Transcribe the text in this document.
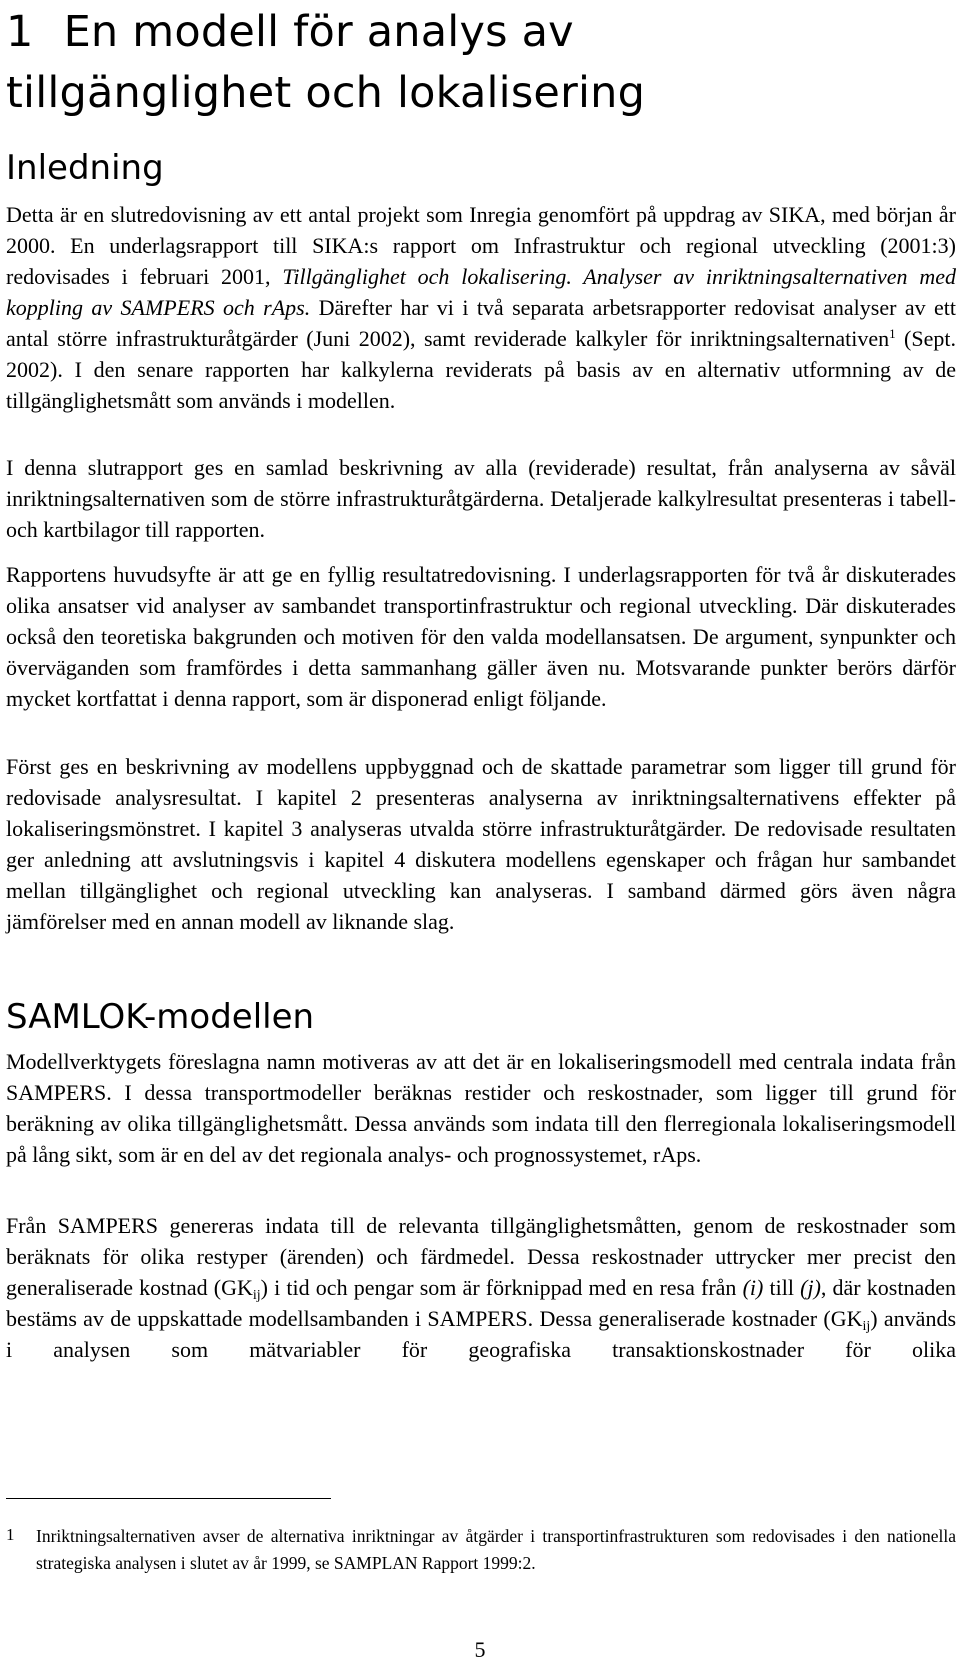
1 En modell för analys av
tillgänglighet och lokalisering
Inledning

Detta är en slutredovisning av ett antal projekt som Inregia genomfört på uppdrag av SIKA, med början år 2000. En underlagsrapport till SIKA:s rapport om Infrastruktur och regional utveckling (2001:3) redovisades i februari 2001, Tillgänglighet och lokalisering. Analyser av inriktningsalternativen med koppling av SAMPERS och rAps. Därefter har vi i två separata arbetsrapporter redovisat analyser av ett antal större infrastrukturåtgärder (Juni 2002), samt reviderade kalkyler för inriktningsalternativen$^1$ (Sept. 2002). I den senare rapporten har kalkylerna reviderats på basis av en alternativ utformning av de tillgänglighetsmått som används i modellen.

I denna slutrapport ges en samlad beskrivning av alla (reviderade) resultat, från analyserna av såväl inriktningsalternativen som de större infrastrukturåtgärderna. Detaljerade kalkylresultat presenteras i tabell- och kartbilagor till rapporten.

Rapportens huvudsyfte är att ge en fyllig resultatredovisning. I underlagsrapporten för två år diskuterades olika ansatser vid analyser av sambandet transportinfrastruktur och regional utveckling. Där diskuterades också den teoretiska bakgrunden och motiven för den valda modellansatsen. De argument, synpunkter och överväganden som framfördes i detta sammanhang gäller även nu. Motsvarande punkter berörs därför mycket kortfattat i denna rapport, som är disponerad enligt följande.

Först ges en beskrivning av modellens uppbyggnad och de skattade parametrar som ligger till grund för redovisade analysresultat. I kapitel 2 presenteras analyserna av inriktningsalternativens effekter på lokaliseringsmönstret. I kapitel 3 analyseras utvalda större infrastrukturåtgärder. De redovisade resultaten ger anledning att avslutningsvis i kapitel 4 diskutera modellens egenskaper och frågan hur sambandet mellan tillgänglighet och regional utveckling kan analyseras. I samband därmed görs även några jämförelser med en annan modell av liknande slag.

SAMLOK-modellen

Modellverktygets föreslagna namn motiveras av att det är en lokaliseringsmodell med centrala indata från SAMPERS. I dessa transportmodeller beräknas restider och reskostnader, som ligger till grund för beräkning av olika tillgänglighetsmått. Dessa används som indata till den flerregionala lokaliseringsmodell på lång sikt, som är en del av det regionala analys- och prognossystemet, rAps.

Från SAMPERS genereras indata till de relevanta tillgänglighetsmåtten, genom de reskostnader som beräknats för olika restyper (ärenden) och färdmedel. Dessa reskostnader uttrycker mer precist den generaliserade kostnad $(GK_{ij})$ i tid och pengar som är förknippad med en resa från (i) till (j), där kostnaden bestäms av de uppskattade modellsambanden i SAMPERS. Dessa generaliserade kostnader $(GK_{ij})$ används i analysen som mätvariabler för geografiska transaktionskostnader för olika

1 Inriktningsalternativen avser de alternativa inriktningar av åtgärder i transportinfrastrukturen som redovisades i den nationella strategiska analysen i slutet av år 1999, se SAMPLAN Rapport 1999:2.

5
